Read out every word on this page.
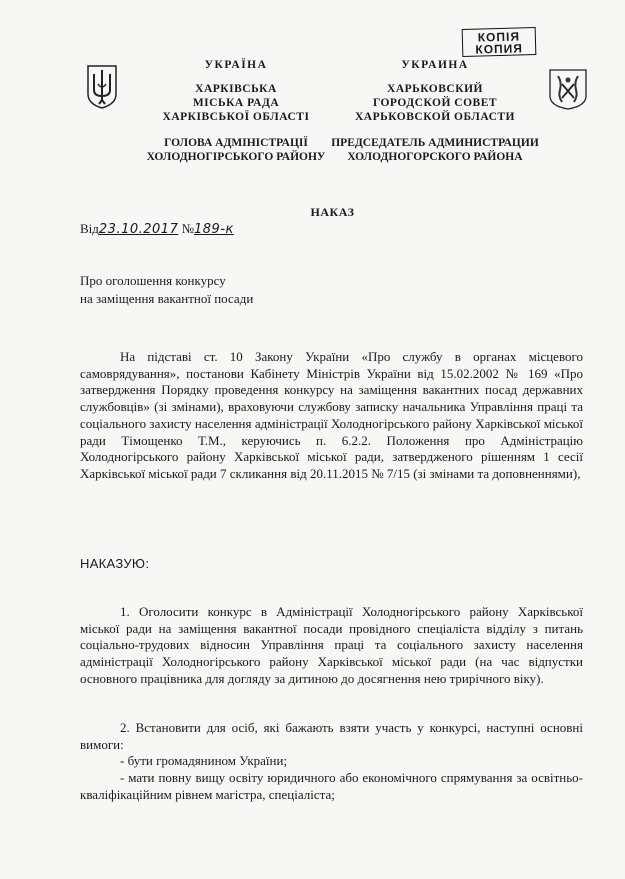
КОПІЯ
КОПИЯ
УКРАЇНА
ХАРКІВСЬКА
МІСЬКА РАДА
ХАРКІВСЬКОЇ ОБЛАСТІ
ГОЛОВА АДМІНІСТРАЦІЇ
ХОЛОДНОГІРСЬКОГО РАЙОНУ
УКРАИНА
ХАРЬКОВСКИЙ
ГОРОДСКОЙ СОВЕТ
ХАРЬКОВСКОЙ ОБЛАСТИ
ПРЕДСЕДАТЕЛЬ АДМИНИСТРАЦИИ
ХОЛОДНОГОРСКОГО РАЙОНА
НАКАЗ
Від23.10.2017 №189-к
Про оголошення конкурсу
на заміщення вакантної посади
На підставі ст. 10 Закону України «Про службу в органах місцевого самоврядування», постанови Кабінету Міністрів України від 15.02.2002 № 169 «Про затвердження Порядку проведення конкурсу на заміщення вакантних посад державних службовців» (зі змінами), враховуючи службову записку начальника Управління праці та соціального захисту населення адміністрації Холодногірського району Харківської міської ради Тімощенко Т.М., керуючись п. 6.2.2. Положення про Адміністрацію Холодногірського району Харківської міської ради, затвердженого рішенням 1 сесії Харківської міської ради 7 скликання від 20.11.2015 № 7/15 (зі змінами та доповненнями),
НАКАЗУЮ:
1. Оголосити конкурс в Адміністрації Холодногірського району Харківської міської ради на заміщення вакантної посади провідного спеціаліста відділу з питань соціально-трудових відносин Управління праці та соціального захисту населення адміністрації Холодногірського району Харківської міської ради (на час відпустки основного працівника для догляду за дитиною до досягнення нею трирічного віку).
2. Встановити для осіб, які бажають взяти участь у конкурсі, наступні основні вимоги:
- бути громадянином України;
- мати повну вищу освіту юридичного або економічного спрямування за освітньо-кваліфікаційним рівнем магістра, спеціаліста;
